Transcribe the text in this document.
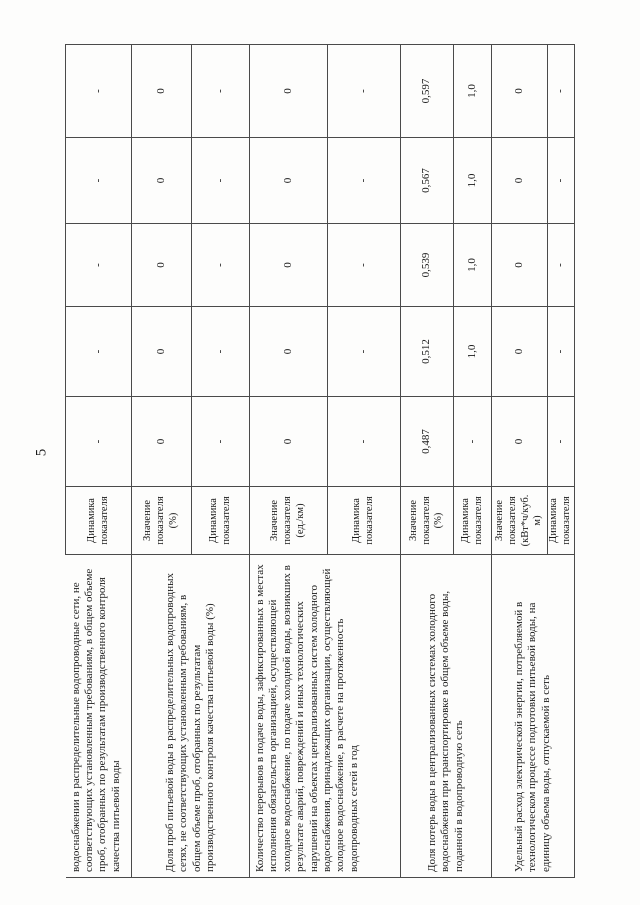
5
водоснабжении в распределительные водопроводные сети, не соответствующих установленным требованиям, в общем объеме проб, отобранных по результатам производственного контроля качества питьевой воды	Динамика показателя	-	-	-	-	-
Доля проб питьевой воды в распределительных водопроводных сетях, не соответствующих установленным требованиям, в общем объеме проб, отобранных по результатам производственного контроля качества питьевой воды (%)	Значение показателя (%)	0	0	0	0	0
	Динамика показателя	-	-	-	-	-
Количество перерывов в подаче воды, зафиксированных в местах исполнения обязательств организацией, осуществляющей холодное водоснабжение, по подаче холодной воды, возникших в результате аварий, повреждений и иных технологических нарушений на объектах централизованных систем холодного водоснабжения, принадлежащих организации, осуществляющей холодное водоснабжение, в расчете на протяженность водопроводных сетей в год	Значение показателя (ед./км)	0	0	0	0	0
	Динамика показателя	-	-	-	-	-
Доля потерь воды в централизованных системах холодного водоснабжения при транспортировке в общем объеме воды, поданной в водопроводную сеть	Значение показателя (%)	0,487	0,512	0,539	0,567	0,597
	Динамика показателя	-	1,0	1,0	1,0	1,0
Удельный расход электрической энергии, потребляемой в технологическом процессе подготовки питьевой воды, на единицу объема воды, отпускаемой в сеть	Значение показателя (кВт*ч/куб. м)	0	0	0	0	0
	Динамика показателя	-	-	-	-	-
